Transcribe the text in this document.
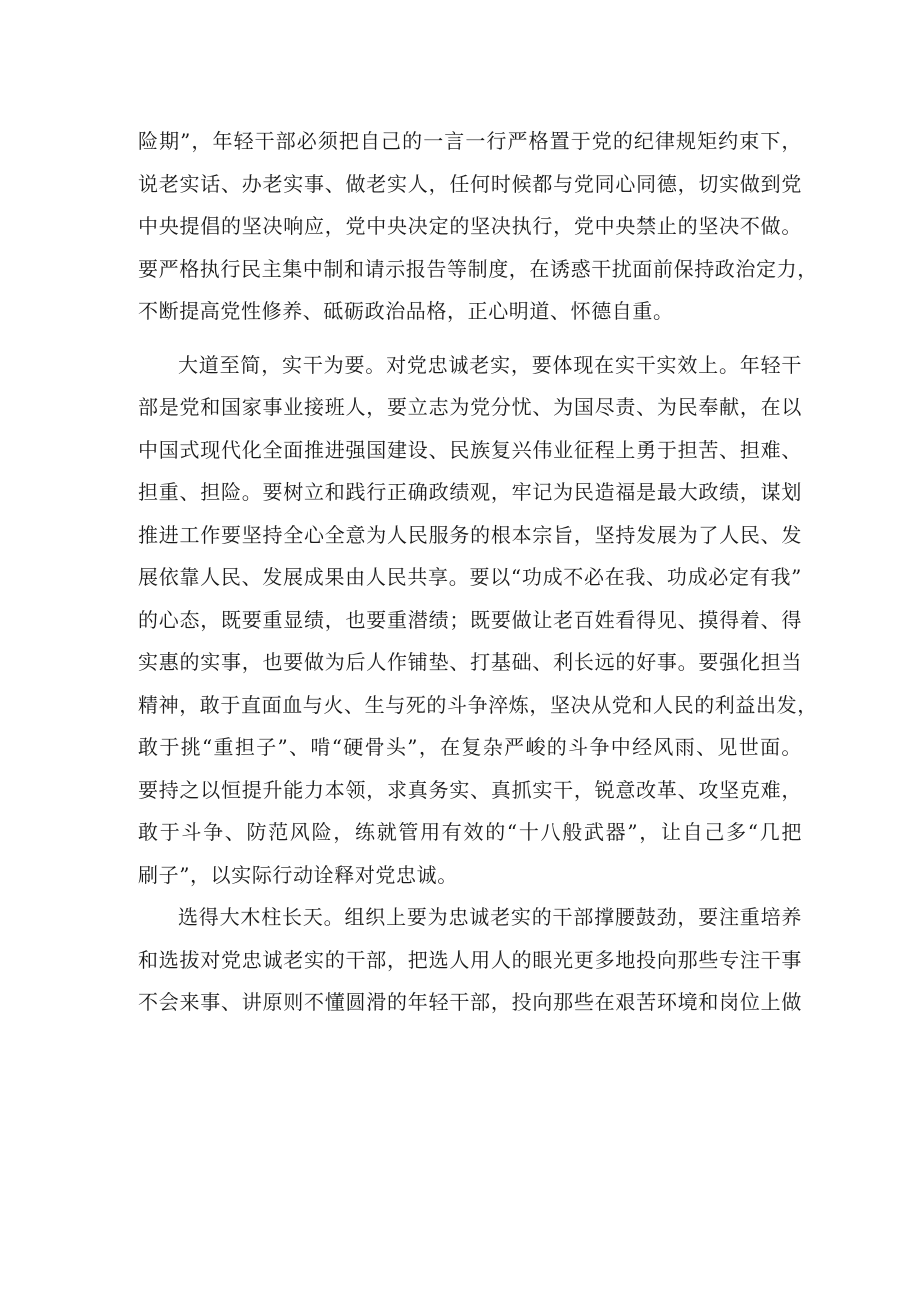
险期”，年轻干部必须把自己的一言一行严格置于党的纪律规矩约束下，
说老实话、办老实事、做老实人，任何时候都与党同心同德，切实做到党
中央提倡的坚决响应，党中央决定的坚决执行，党中央禁止的坚决不做。
要严格执行民主集中制和请示报告等制度，在诱惑干扰面前保持政治定力，
不断提高党性修养、砥砺政治品格，正心明道、怀德自重。
大道至简，实干为要。对党忠诚老实，要体现在实干实效上。年轻干
部是党和国家事业接班人，要立志为党分忧、为国尽责、为民奉献，在以
中国式现代化全面推进强国建设、民族复兴伟业征程上勇于担苦、担难、
担重、担险。要树立和践行正确政绩观，牢记为民造福是最大政绩，谋划
推进工作要坚持全心全意为人民服务的根本宗旨，坚持发展为了人民、发
展依靠人民、发展成果由人民共享。要以“功成不必在我、功成必定有我”
的心态，既要重显绩，也要重潜绩；既要做让老百姓看得见、摸得着、得
实惠的实事，也要做为后人作铺垫、打基础、利长远的好事。要强化担当
精神，敢于直面血与火、生与死的斗争淬炼，坚决从党和人民的利益出发，
敢于挑“重担子”、啃“硬骨头”，在复杂严峻的斗争中经风雨、见世面。
要持之以恒提升能力本领，求真务实、真抓实干，锐意改革、攻坚克难，
敢于斗争、防范风险，练就管用有效的“十八般武器”，让自己多“几把
刷子”，以实际行动诠释对党忠诚。
选得大木柱长天。组织上要为忠诚老实的干部撑腰鼓劲，要注重培养
和选拔对党忠诚老实的干部，把选人用人的眼光更多地投向那些专注干事
不会来事、讲原则不懂圆滑的年轻干部，投向那些在艰苦环境和岗位上做
